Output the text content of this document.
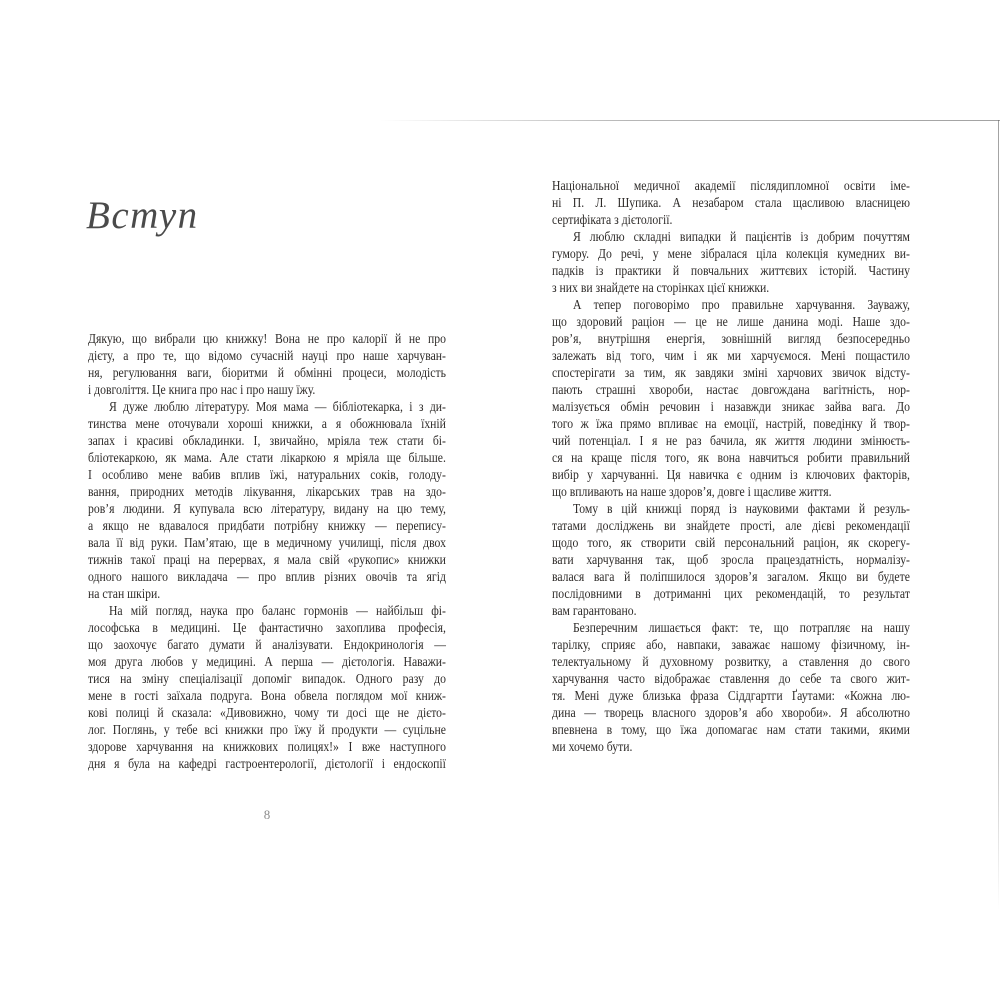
Вступ
Дякую, що вибрали цю книжку! Вона не про калорії й не про
дієту, а про те, що відомо сучасній науці про наше харчуван-
ня, регулювання ваги, біоритми й обмінні процеси, молодість
і довголіття. Це книга про нас і про нашу їжу.
Я дуже люблю літературу. Моя мама — бібліотекарка, і з ди-
тинства мене оточували хороші книжки, а я обожнювала їхній
запах і красиві обкладинки. І, звичайно, мріяла теж стати бі-
бліотекаркою, як мама. Але стати лікаркою я мріяла ще більше.
І особливо мене вабив вплив їжі, натуральних соків, голоду-
вання, природних методів лікування, лікарських трав на здо-
ров’я людини. Я купувала всю літературу, видану на цю тему,
а якщо не вдавалося придбати потрібну книжку — перепису-
вала її від руки. Пам’ятаю, ще в медичному училищі, після двох
тижнів такої праці на перервах, я мала свій «рукопис» книжки
одного нашого викладача — про вплив різних овочів та ягід
на стан шкіри.
На мій погляд, наука про баланс гормонів — найбільш фі-
лософська в медицині. Це фантастично захоплива професія,
що заохочує багато думати й аналізувати. Ендокринологія —
моя друга любов у медицині. А перша — дієтологія. Наважи-
тися на зміну спеціалізації допоміг випадок. Одного разу до
мене в гості заїхала подруга. Вона обвела поглядом мої книж-
кові полиці й сказала: «Дивовижно, чому ти досі ще не дієто-
лог. Поглянь, у тебе всі книжки про їжу й продукти — суцільне
здорове харчування на книжкових полицях!» І вже наступного
дня я була на кафедрі гастроентерології, дієтології і ендоскопії
8
Національної медичної академії післядипломної освіти іме-
ні П. Л. Шупика. А незабаром стала щасливою власницею
сертифіката з дієтології.
Я люблю складні випадки й пацієнтів із добрим почуттям
гумору. До речі, у мене зібралася ціла колекція кумедних ви-
падків із практики й повчальних життєвих історій. Частину
з них ви знайдете на сторінках цієї книжки.
А тепер поговорімо про правильне харчування. Зауважу,
що здоровий раціон — це не лише данина моді. Наше здо-
ров’я, внутрішня енергія, зовнішній вигляд безпосередньо
залежать від того, чим і як ми харчуємося. Мені пощастило
спостерігати за тим, як завдяки зміні харчових звичок відсту-
пають страшні хвороби, настає довгождана вагітність, нор-
малізується обмін речовин і назавжди зникає зайва вага. До
того ж їжа прямо впливає на емоції, настрій, поведінку й твор-
чий потенціал. І я не раз бачила, як життя людини змінюєть-
ся на краще після того, як вона навчиться робити правильний
вибір у харчуванні. Ця навичка є одним із ключових факторів,
що впливають на наше здоров’я, довге і щасливе життя.
Тому в цій книжці поряд із науковими фактами й резуль-
татами досліджень ви знайдете прості, але дієві рекомендації
щодо того, як створити свій персональний раціон, як скорегу-
вати харчування так, щоб зросла працездатність, нормалізу-
валася вага й поліпшилося здоров’я загалом. Якщо ви будете
послідовними в дотриманні цих рекомендацій, то результат
вам гарантовано.
Безперечним лишається факт: те, що потрапляє на нашу
тарілку, сприяє або, навпаки, заважає нашому фізичному, ін-
телектуальному й духовному розвитку, а ставлення до свого
харчування часто відображає ставлення до себе та свого жит-
тя. Мені дуже близька фраза Сіддгартги Ґаутами: «Кожна лю-
дина — творець власного здоров’я або хвороби». Я абсолютно
впевнена в тому, що їжа допомагає нам стати такими, якими
ми хочемо бути.
